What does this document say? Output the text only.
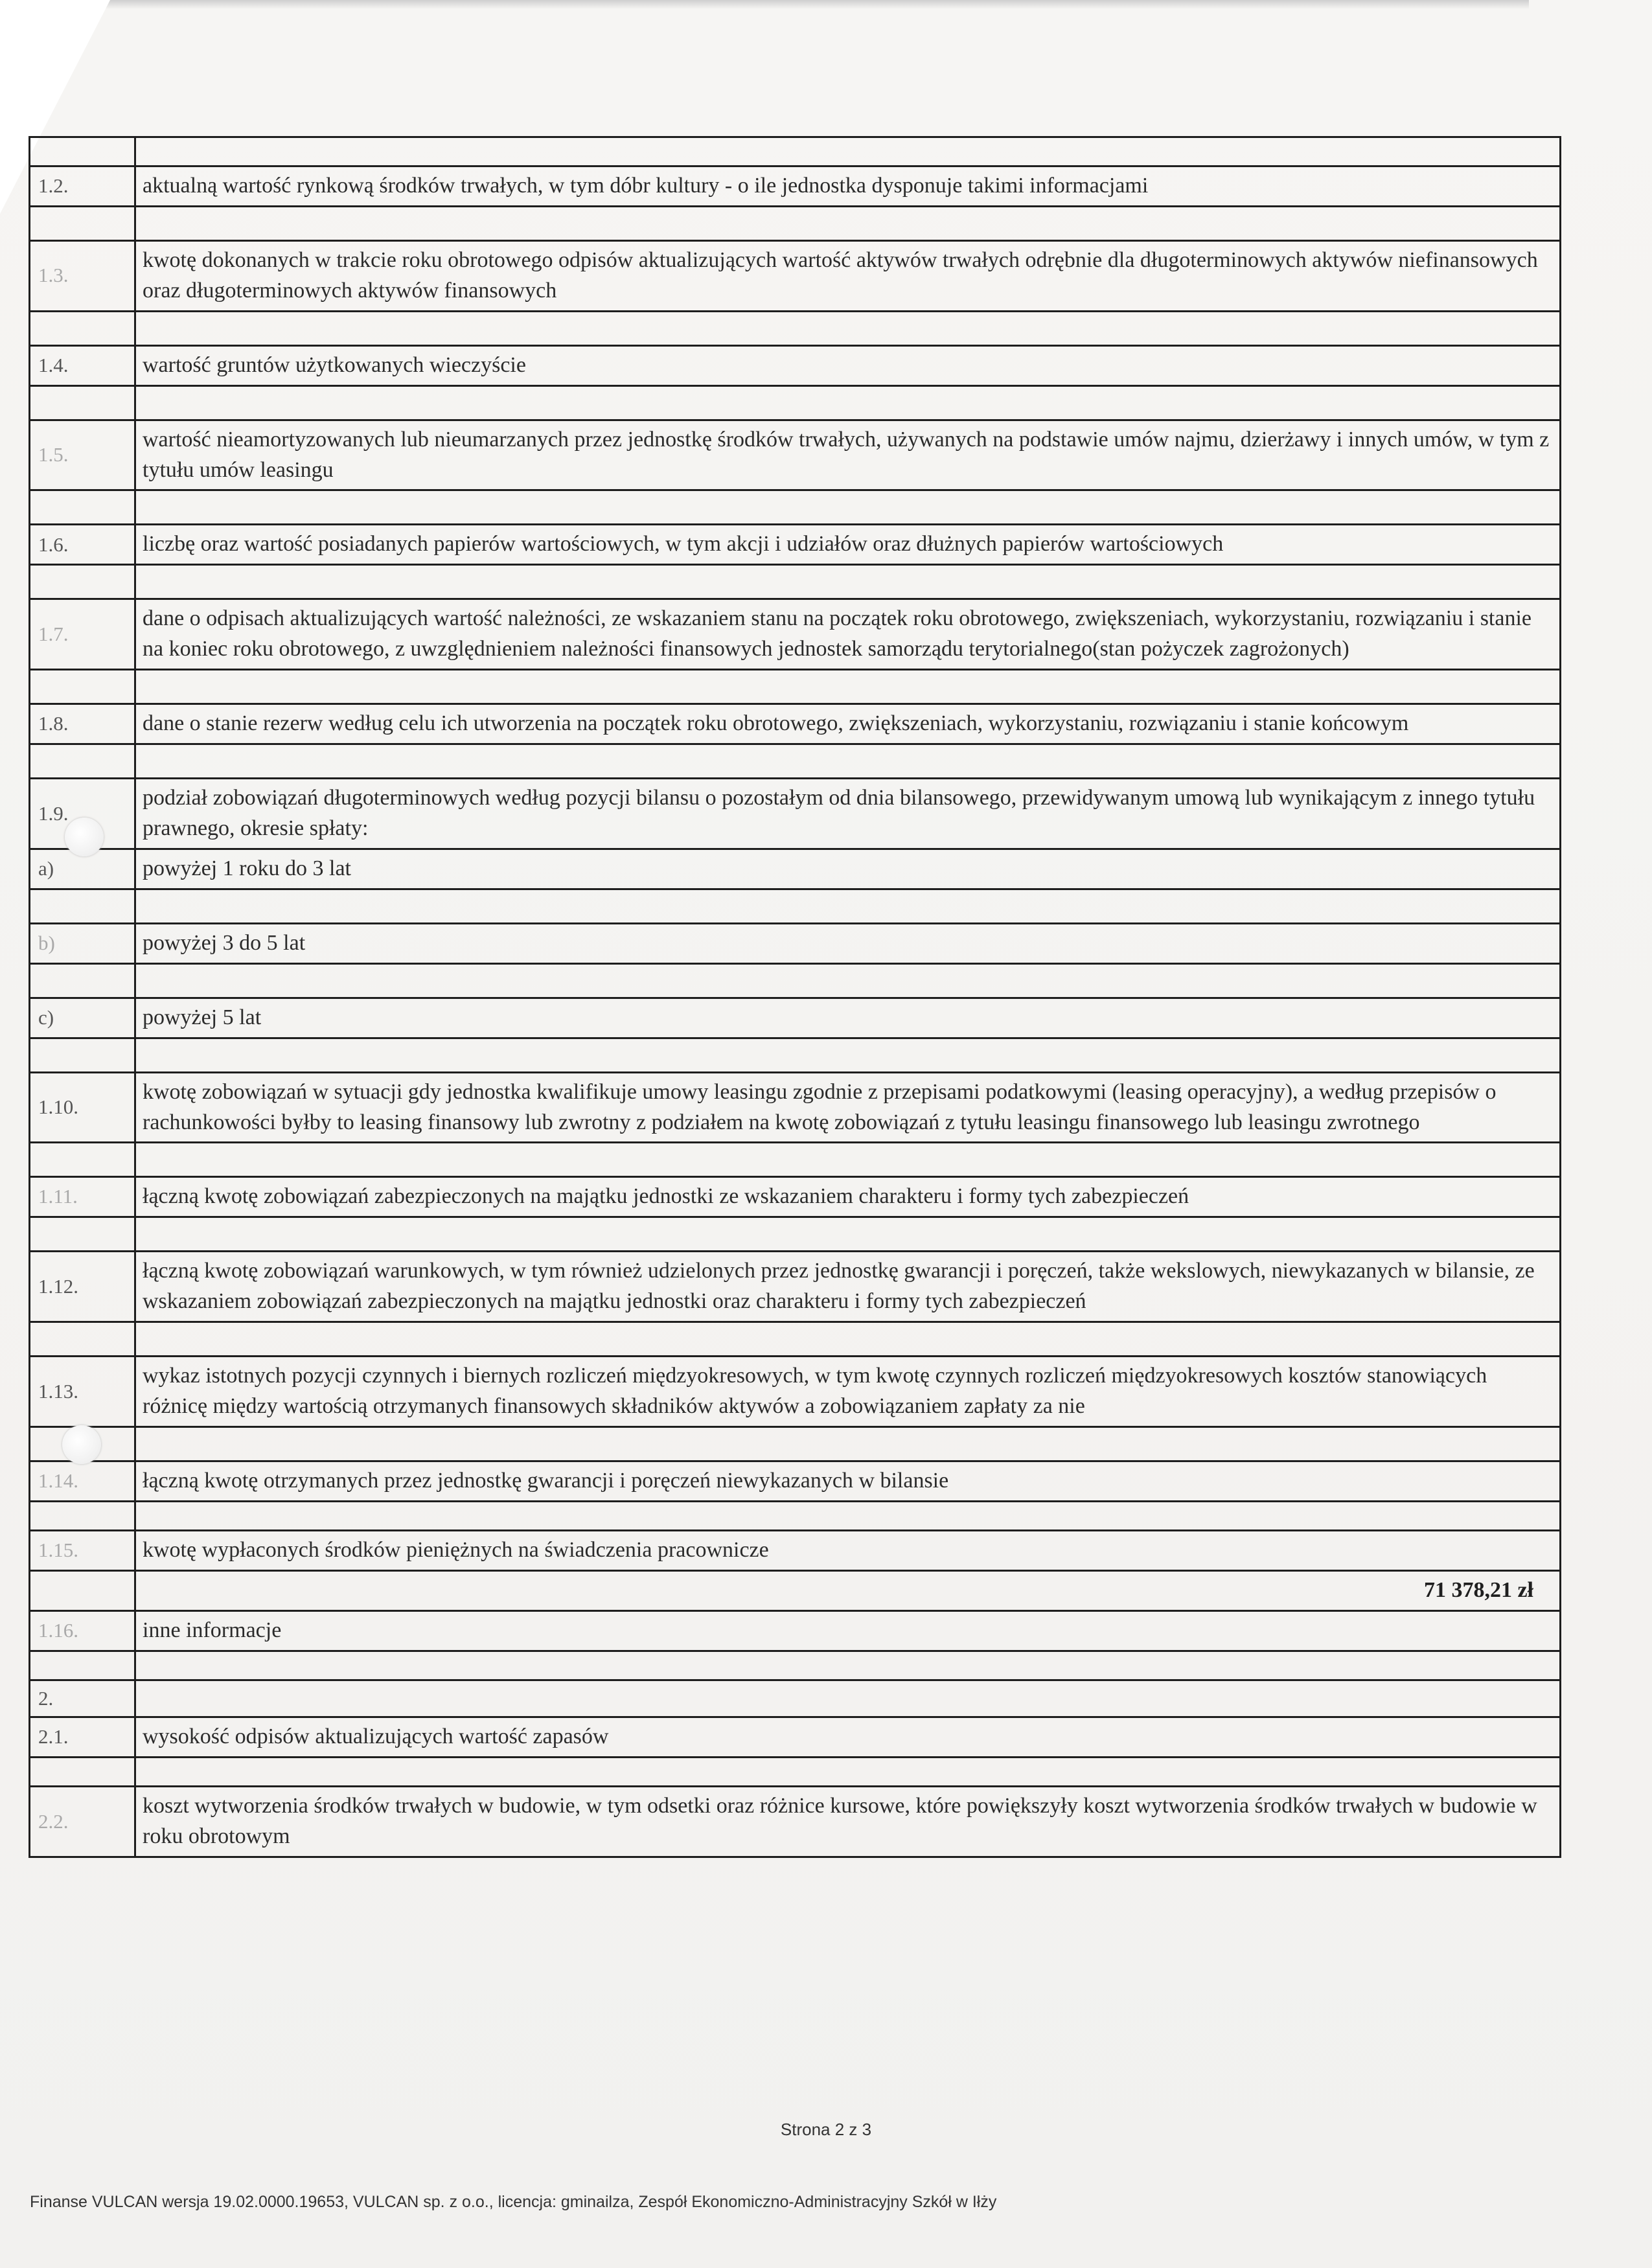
1.2.	aktualną wartość rynkową środków trwałych, w tym dóbr kultury - o ile jednostka dysponuje takimi informacjami

1.3.	kwotę dokonanych w trakcie roku obrotowego odpisów aktualizujących wartość aktywów trwałych odrębnie dla długoterminowych aktywów niefinansowych oraz długoterminowych aktywów finansowych

1.4.	wartość gruntów użytkowanych wieczyście

1.5.	wartość nieamortyzowanych lub nieumarzanych przez jednostkę środków trwałych, używanych na podstawie umów najmu, dzierżawy i innych umów, w tym z tytułu umów leasingu

1.6.	liczbę oraz wartość posiadanych papierów wartościowych, w tym akcji i udziałów oraz dłużnych papierów wartościowych

1.7.	dane o odpisach aktualizujących wartość należności, ze wskazaniem stanu na początek roku obrotowego, zwiększeniach, wykorzystaniu, rozwiązaniu i stanie na koniec roku obrotowego, z uwzględnieniem należności finansowych jednostek samorządu terytorialnego(stan pożyczek zagrożonych)

1.8.	dane o stanie rezerw według celu ich utworzenia na początek roku obrotowego, zwiększeniach, wykorzystaniu, rozwiązaniu i stanie końcowym

1.9.	podział zobowiązań długoterminowych według pozycji bilansu o pozostałym od dnia bilansowego, przewidywanym umową lub wynikającym z innego tytułu prawnego, okresie spłaty:
a)	powyżej 1 roku do 3 lat

b)	powyżej 3 do 5 lat

c)	powyżej 5 lat

1.10.	kwotę zobowiązań w sytuacji gdy jednostka kwalifikuje umowy leasingu zgodnie z przepisami podatkowymi (leasing operacyjny), a według przepisów o rachunkowości byłby to leasing finansowy lub zwrotny z podziałem na kwotę zobowiązań z tytułu leasingu finansowego lub leasingu zwrotnego

1.11.	łączną kwotę zobowiązań zabezpieczonych na majątku jednostki ze wskazaniem charakteru i formy tych zabezpieczeń

1.12.	łączną kwotę zobowiązań warunkowych, w tym również udzielonych przez jednostkę gwarancji i poręczeń, także wekslowych, niewykazanych w bilansie, ze wskazaniem zobowiązań zabezpieczonych na majątku jednostki oraz charakteru i formy tych zabezpieczeń

1.13.	wykaz istotnych pozycji czynnych i biernych rozliczeń międzyokresowych, w tym kwotę czynnych rozliczeń międzyokresowych kosztów stanowiących różnicę między wartością otrzymanych finansowych składników aktywów a zobowiązaniem zapłaty za nie

1.14.	łączną kwotę otrzymanych przez jednostkę gwarancji i poręczeń niewykazanych w bilansie

1.15.	kwotę wypłaconych środków pieniężnych na świadczenia pracownicze
	71 378,21 zł
1.16.	inne informacje

2.	
2.1.	wysokość odpisów aktualizujących wartość zapasów

2.2.	koszt wytworzenia środków trwałych w budowie, w tym odsetki oraz różnice kursowe, które powiększyły koszt wytworzenia środków trwałych w budowie w roku obrotowym
Strona 2 z 3
Finanse VULCAN wersja 19.02.0000.19653, VULCAN sp. z o.o., licencja: gminailza, Zespół Ekonomiczno-Administracyjny Szkół w Iłży
